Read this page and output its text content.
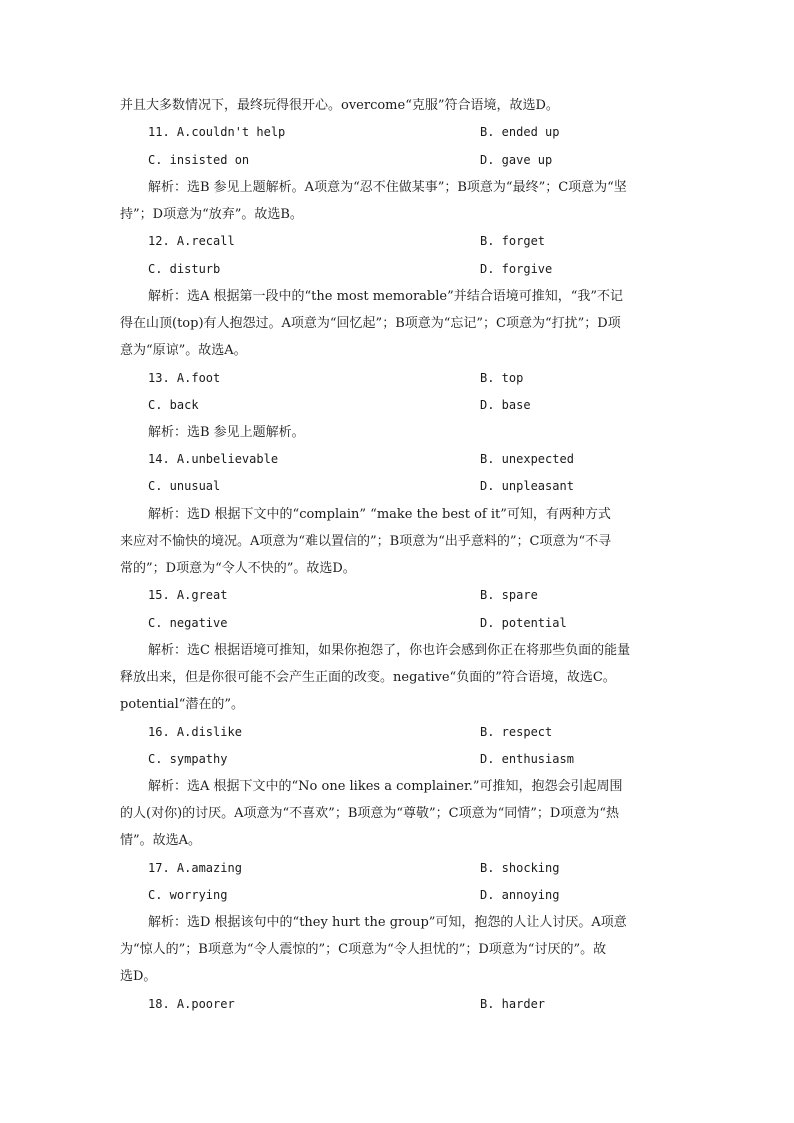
并且大多数情况下，最终玩得很开心。overcome“克服”符合语境，故选D。
11. A.couldn't help	B. ended up
C. insisted on	D. gave up
解析：选B 参见上题解析。A项意为“忍不住做某事”；B项意为“最终”；C项意为“坚
持”；D项意为“放弃”。故选B。
12. A.recall	B. forget
C. disturb	D. forgive
解析：选A 根据第一段中的“the most memorable”并结合语境可推知，“我”不记
得在山顶(top)有人抱怨过。A项意为“回忆起”；B项意为“忘记”；C项意为“打扰”；D项
意为“原谅”。故选A。
13. A.foot	B. top
C. back	D. base
解析：选B 参见上题解析。
14. A.unbelievable	B. unexpected
C. unusual	D. unpleasant
解析：选D 根据下文中的“complain” “make the best of it”可知，有两种方式
来应对不愉快的境况。A项意为“难以置信的”；B项意为“出乎意料的”；C项意为“不寻
常的”；D项意为“令人不快的”。故选D。
15. A.great	B. spare
C. negative	D. potential
解析：选C 根据语境可推知，如果你抱怨了，你也许会感到你正在将那些负面的能量
释放出来，但是你很可能不会产生正面的改变。negative“负面的”符合语境，故选C。
potential“潜在的”。
16. A.dislike	B. respect
C. sympathy	D. enthusiasm
解析：选A 根据下文中的“No one likes a complainer.”可推知，抱怨会引起周围
的人(对你)的讨厌。A项意为“不喜欢”；B项意为“尊敬”；C项意为“同情”；D项意为“热
情”。故选A。
17. A.amazing	B. shocking
C. worrying	D. annoying
解析：选D 根据该句中的“they hurt the group”可知，抱怨的人让人讨厌。A项意
为“惊人的”；B项意为“令人震惊的”；C项意为“令人担忧的”；D项意为“讨厌的”。故
选D。
18. A.poorer	B. harder
